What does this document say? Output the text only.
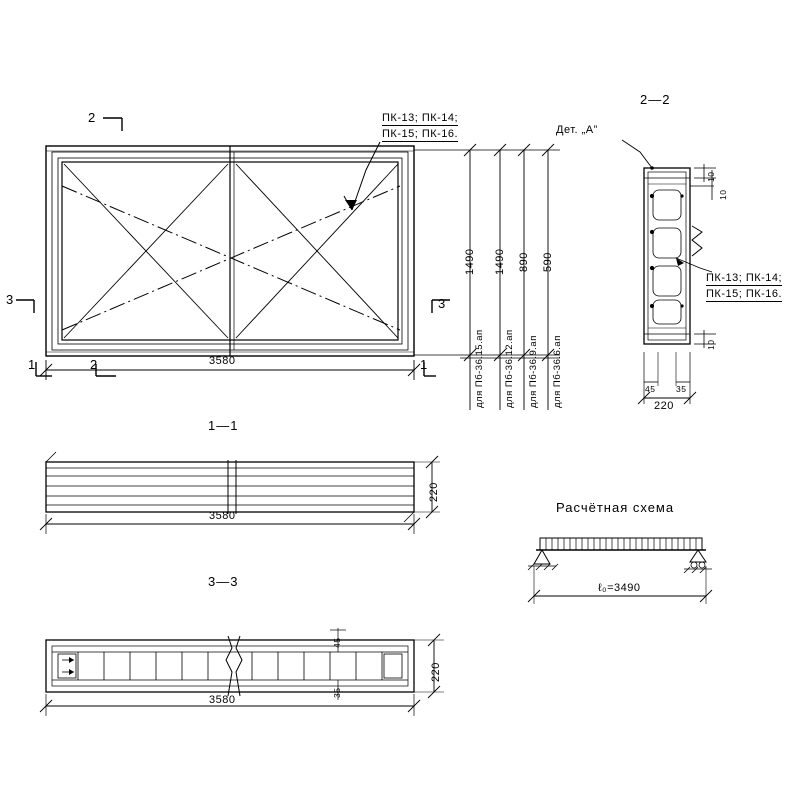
2
3	3
1	2	1
ПК-13; ПК-14;
ПК-15; ПК-16.
3580
1490 1490 890 590
для Пб-36.15.ап для Пб-36.12.ап для Пб-36.9.ап для Пб-36.6.ап
2—2
Дет. „А”
ПК-13; ПК-14;
ПК-15; ПК-16.
10
10
10
45 35
220
1—1
3580
220
3—3
3580
220
45
35
Расчётная схема
ℓ₀=3490
